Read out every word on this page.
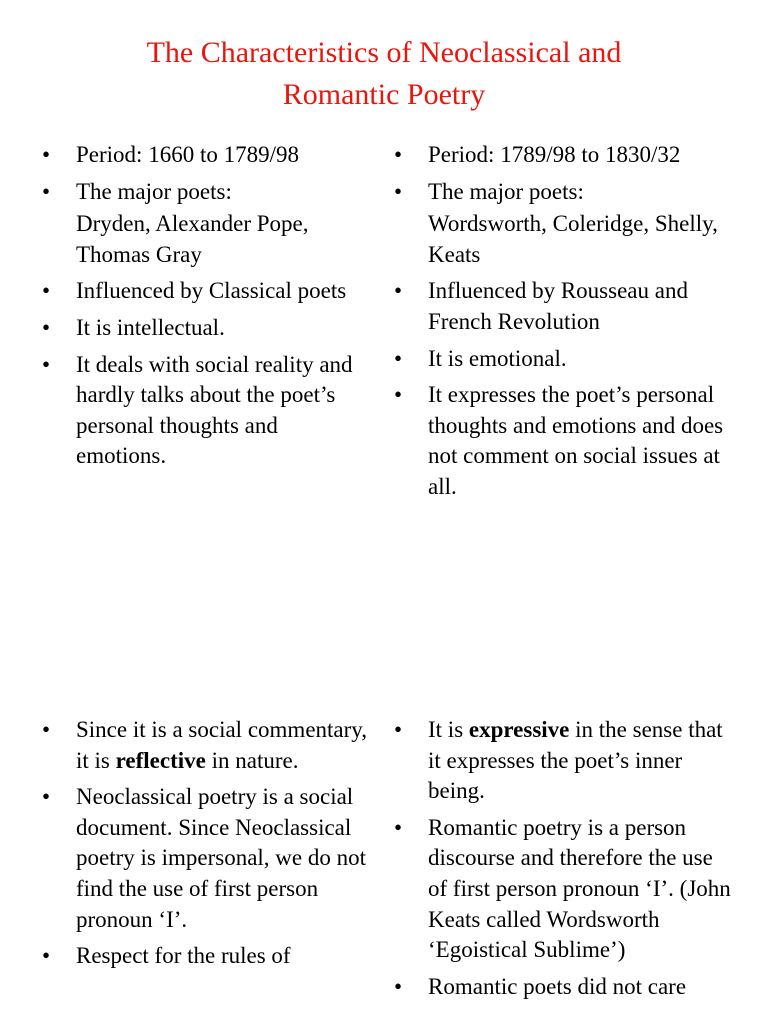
The Characteristics of Neoclassical and
Romantic Poetry
• Period: 1660 to 1789/98
• The major poets:
Dryden, Alexander Pope, Thomas Gray
• Influenced by Classical poets
• It is intellectual.
• It deals with social reality and hardly talks about the poet’s personal thoughts and emotions.
• Period: 1789/98 to 1830/32
• The major poets:
Wordsworth, Coleridge, Shelly, Keats
• Influenced by Rousseau and French Revolution
• It is emotional.
• It expresses the poet’s personal thoughts and emotions and does not comment on social issues at all.
• Since it is a social commentary, it is reflective in nature.
• Neoclassical poetry is a social document. Since Neoclassical poetry is impersonal, we do not find the use of first person pronoun ‘I’.
• Respect for the rules of
• It is expressive in the sense that it expresses the poet’s inner being.
• Romantic poetry is a person discourse and therefore the use of first person pronoun ‘I’. (John Keats called Wordsworth ‘Egoistical Sublime’)
• Romantic poets did not care
